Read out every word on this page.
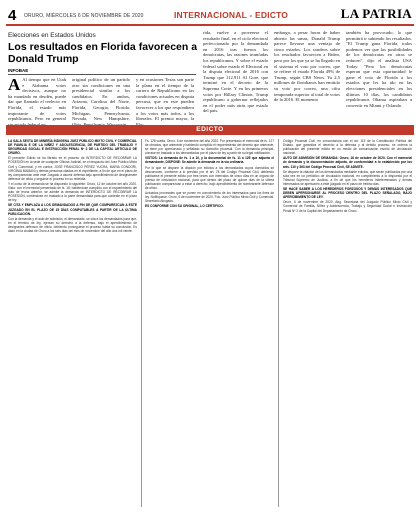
4 ORURO, MIÉRCOLES 6 DE NOVIEMBRE DE 2020	INTERNACIONAL - EDICTO	LA PATRIA
Elecciones en Estados Unidos
Los resultados en Florida favorecen a Donald Trump
INFOBAE

A Al tiempo que en Utah e Alabama votos decisivos, aunque no ha mandado en desdén, puede dar que llamado el reelecto en Florida, el estado más importante de votos republicanos. Pero en general

original político de un partido otro sin condiciones en una presidencial similar a los candidatos. En ambos, Arizona, Carolina del Norte, Florida, Georgia, Florida, Michigan, Pennsylvania, Nevada, New Hampshire,

y en ocasiones Texas son parte la plana en el tiempo de la carrera de Republicano en las condiciones actuales en disputa percusa, que en este pueden favorecer a los que respondiera a los votos más todos, a los liberales. El premio mayor, la

rida, vuelve a proveerse el resultado final, en el ciclo electoral perfeccionado por la demandada en 2016 tras fueron los demócratas, las razones triunfadas los republicanos. Y sobre el estado federal sobre estado el Electoral en la disputa electoral de 2016 con Trump que 112.911 Al Gore, que terminó en el decreto de la Suprema Corte. Y en los primeros votos por Hillary Clinton, Trump republicano a gobernar reflejados en el poder más atrás que estado del país.

embargo, a pesar horas de haber abierto las urnas, Donald Trump parece llevarse una ventaja de cinco estados. Los sondeos sobre los resultados favorecen a Biden, pero por los que ya se ha llegado en el sistema el voto por correo, que se refiere el estado Florida 49% de Trump, según CBS News. Ya 2,5 millones de floridianos han emitido su voto por correo, una cifra temporada superior al total de votos de la 2016. El momento

también ha provocado, lo que permitirá ir sabiendo los resultados. "El Trump gana Florida, todos podemos ver que las posibilidades de los demócratas en otras se reducen", dijo el analista USA Today. "Pero los demócratas esperan que esta oportunidad le gane el voto de Florida a los estados que les ha ido en las elecciones presidenciales en los últimos 10 días, los candidatos republicanos Obama aspiraban a convertir en Miami y Orlando.

EDICTO

LA SALA SEXTA DE MINERÍA INDIGENA JUEZ PÚBLICO MIXTO CIVIL Y COMERCIAL DE FAMILIA E DE LA NIÑEZ Y ADOLESCENCIA, DE PARTIDO DEL TRABAJO Y SEGURIDAD SOCIAL E INSTRUCCIÓN PENAL Nº 2 DE LA CAPITAL ARTICULO DE ORURO.

El presente Edicto se ha librado en el proceso de INTERDICTO DE RECOBRAR LA POSESIÓN en la sede de cualquier Oficina Judicial, en el despacho del Juez Público Mixto Civil y Comercial, y en contra: JOSÉ FRANCISCO PÉREZ YUCRA, MARIA CONDORI, VIRGINIA MAMANI y demás personas citadas en el expediente, a fin de que en el plazo de ley comparezcan ante este Juzgado a asumir defensa bajo apercibimiento de designársele defensor de oficio y seguirse el proceso en su rebeldía.

Y el curso de la demanda se ha dispuesto lo siguiente: Oruro, 12 de octubre del año 2020. Visto: con el memorial presentado de fs. 18, habiéndose cumplido con el requerimiento del auto de fecha anterior, se admite la demanda de INTERDICTO DE RECOBRAR LA POSESIÓN, corriéndose en traslado a la parte demandada para que conteste en el plazo de ley.

SE CITA Y EMPLAZA A LOS DEMANDADOS A FIN DE QUE COMPAREZCAN A ESTE JUZGADO EN EL PLAZO DE 15 DÍAS COMPUTABLES A PARTIR DE LA ÚLTIMA PUBLICACIÓN.

Con la demanda y el auto de admisión, el demandado, se cita a los demandados para que, en el término de ley, ejerzan su derecho a la defensa, bajo el apercibimiento de designarles defensor de oficio, debiendo proseguirse el proceso hasta su conclusión. Es dado en la ciudad de Oruro a los seis días del mes de noviembre del año dos mil veinte.

Fs. 128 vuelta. Oruro, 6 de noviembre del año 2020. Por presentado el memorial de fs. 127 de obrados, que antecede y habiendo cumplido el requerimiento del decreto que antecede, se tiene por apersonado y señalado su domicilio procesal. Con la demanda principal, córrase en traslado a los demandados por el plazo de ley a partir de su legal notificación.

VISTOS: La demanda de fs. 1 a 10, y la documental de fs. 11 a 125 que adjunta el demandante, DISPONE: Se admite la demanda en la vía ordinaria.

Por lo que se dispone la citación por edictos a los demandados cuyos domicilios se desconocen, conforme a lo previsto por el art. 78 del Código Procesal Civil, debiendo publicarse el presente edicto por tres veces con intervalos de cinco días en un órgano de prensa de circulación nacional, para que dentro del plazo de quince días de la última publicación comparezcan a estar a derecho, bajo apercibimiento de nombrársele defensor de oficio.

Actuados procesales que se ponen en conocimiento de los interesados para los fines de ley. Notifíquese. Oruro, 6 de noviembre de 2020. Fdo. Juez Público Mixto Civil y Comercial. Secretario Abogado.

ES CONFORME CON SU ORIGINAL, LO CERTIFICO.

Código Procesal Civil, en concordancia con el art. 115 de la Constitución Política del Estado, que garantiza el derecho a la defensa y al debido proceso, se ordena la publicación del presente edicto en un medio de comunicación escrito de circulación nacional.

AUTO DE ADMISIÓN DE DEMANDA: Oruro, 16 de octubre de 2020. Con el memorial de demanda y la documentación adjunta, de conformidad a lo establecido por los arts. 110 y 363 del Código Procesal Civil, SE ADMITE.

Se dispone la citación de los demandados mediante edictos, que serán publicados por una sola vez en un periódico de circulación nacional, en cumplimiento a lo dispuesto por el Tribunal Supremo de Justicia, a fin de que los herederos indeterminados y demás interesados se apersonen a este juzgado en el plazo de treinta días.

SE HACE SABER A LOS HEREDEROS FORZOSOS Y DEMÁS INTERESADOS QUE DEBEN APERSONARSE AL PROCESO DENTRO DEL PLAZO SEÑALADO, BAJO APERCIBIMIENTO DE LEY.

Oruro, 6 de noviembre de 2020. Abg. Secretaria del Juzgado Público Mixto Civil y Comercial de Familia, Niñez y Adolescencia, Trabajo y Seguridad Social e Instrucción Penal Nº 2 de la Capital del Departamento de Oruro.
